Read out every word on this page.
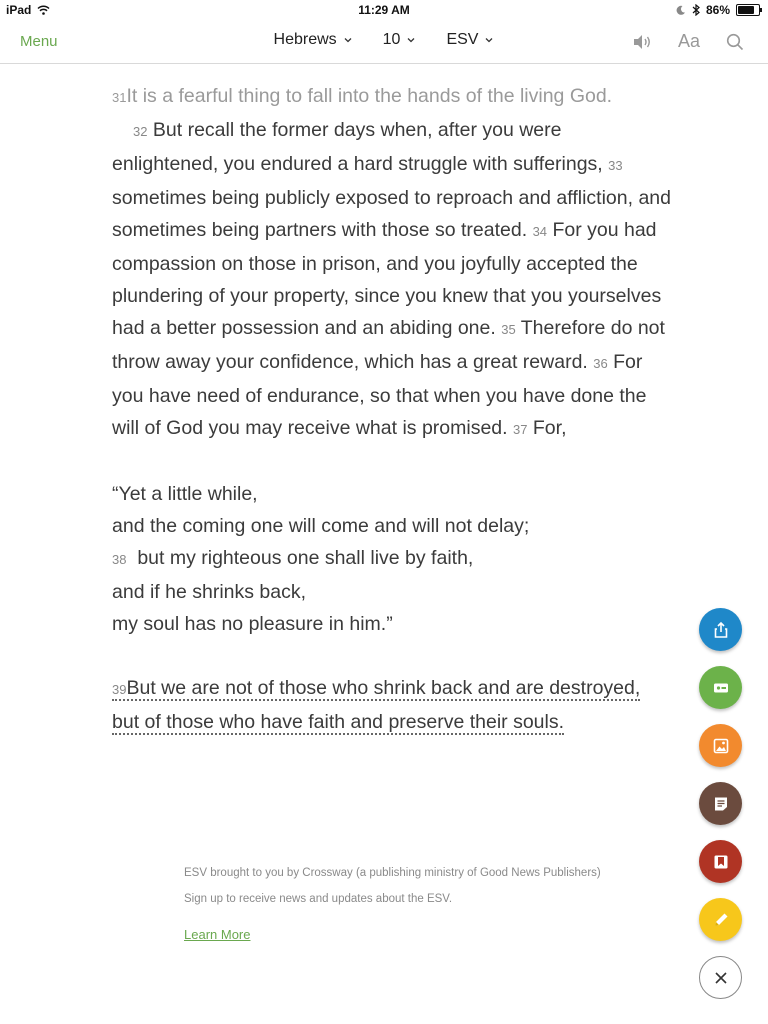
iPad	11:29 AM	86%
Menu	Hebrews	10	ESV	Aa

31It is a fearful thing to fall into the hands of the living God.

32 But recall the former days when, after you were enlightened, you endured a hard struggle with sufferings, 33 sometimes being publicly exposed to reproach and affliction, and sometimes being partners with those so treated. 34 For you had compassion on those in prison, and you joyfully accepted the plundering of your property, since you knew that you yourselves had a better possession and an abiding one. 35 Therefore do not throw away your confidence, which has a great reward. 36 For you have need of endurance, so that when you have done the will of God you may receive what is promised. 37 For,

“Yet a little while,
and the coming one will come and will not delay;
38 but my righteous one shall live by faith,
and if he shrinks back,
my soul has no pleasure in him.”

39But we are not of those who shrink back and are destroyed, but of those who have faith and preserve their souls.

ESV brought to you by Crossway (a publishing ministry of Good News Publishers)
Sign up to receive news and updates about the ESV.
Learn More
